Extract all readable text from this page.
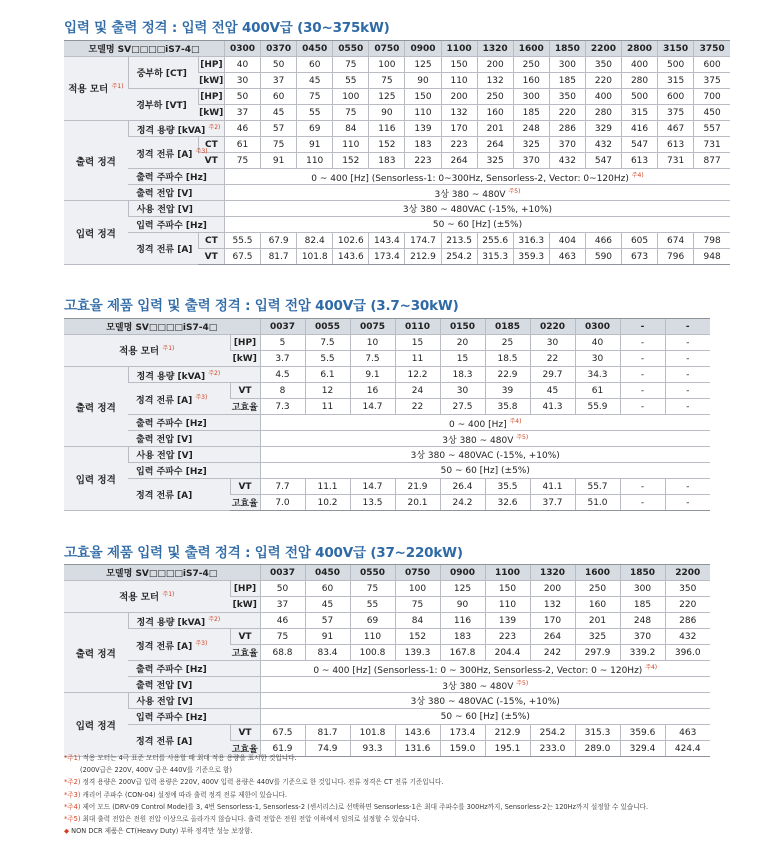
입력 및 출력 정격 : 입력 전압 400V급 (30~375kW)
모델명 SV□□□□iS7-4□			0300	0370	0450	0550	0750	0900	1100	1320	1600	1850	2200	2800	3150	3750
적용 모터 $^{주1)}$	중부하 [CT]	[HP]	40	50	60	75	100	125	150	200	250	300	350	400	500	600
		[kW]	30	37	45	55	75	90	110	132	160	185	220	280	315	375
	경부하 [VT]	[HP]	50	60	75	100	125	150	200	250	300	350	400	500	600	700
		[kW]	37	45	55	75	90	110	132	160	185	220	280	315	375	450
출력 정격	정격 용량 [kVA] $^{주2)}$		46	57	69	84	116	139	170	201	248	286	329	416	467	557
	정격 전류 [A] $^{주3)}$	CT	61	75	91	110	152	183	223	264	325	370	432	547	613	731
		VT	75	91	110	152	183	223	264	325	370	432	547	613	731	877
	출력 주파수 [Hz]		0 ~ 400 [Hz] (Sensorless-1: 0~300Hz, Sensorless-2, Vector: 0~120Hz) $^{주4)}$
	출력 전압 [V]		3상 380 ~ 480V $^{주5)}$
입력 정격	사용 전압 [V]		3상 380 ~ 480VAC (-15%, +10%)													
	입력 주파수 [Hz]		50 ~ 60 [Hz] (±5%)													
	정격 전류 [A]	CT	55.5	67.9	82.4	102.6	143.4	174.7	213.5	255.6	316.3	404	466	605	674	798
		VT	67.5	81.7	101.8	143.6	173.4	212.9	254.2	315.3	359.3	463	590	673	796	948
고효율 제품 입력 및 출력 정격 : 입력 전압 400V급 (3.7~30kW)
모델명 SV□□□□iS7-4□			0037	0055	0075	0110	0150	0185	0220	0300	-	-
적용 모터 $^{주1)}$		[HP]	5	7.5	10	15	20	25	30	40	-	-
		[kW]	3.7	5.5	7.5	11	15	18.5	22	30	-	-
출력 정격	정격 용량 [kVA] $^{주2)}$		4.5	6.1	9.1	12.2	18.3	22.9	29.7	34.3	-	-
	정격 전류 [A] $^{주3)}$	VT	8	12	16	24	30	39	45	61	-	-
		고효율	7.3	11	14.7	22	27.5	35.8	41.3	55.9	-	-
	출력 주파수 [Hz]		0 ~ 400 [Hz] $^{주4)}$
	출력 전압 [V]		3상 380 ~ 480V $^{주5)}$
입력 정격	사용 전압 [V]		3상 380 ~ 480VAC (-15%, +10%)									
	입력 주파수 [Hz]		50 ~ 60 [Hz] (±5%)									
	정격 전류 [A]	VT	7.7	11.1	14.7	21.9	26.4	35.5	41.1	55.7	-	-
		고효율	7.0	10.2	13.5	20.1	24.2	32.6	37.7	51.0	-	-
고효율 제품 입력 및 출력 정격 : 입력 전압 400V급 (37~220kW)
모델명 SV□□□□iS7-4□			0037	0450	0550	0750	0900	1100	1320	1600	1850	2200
적용 모터 $^{주1)}$		[HP]	50	60	75	100	125	150	200	250	300	350
		[kW]	37	45	55	75	90	110	132	160	185	220
출력 정격	정격 용량 [kVA] $^{주2)}$		46	57	69	84	116	139	170	201	248	286
	정격 전류 [A] $^{주3)}$	VT	75	91	110	152	183	223	264	325	370	432
		고효율	68.8	83.4	100.8	139.3	167.8	204.4	242	297.9	339.2	396.0
	출력 주파수 [Hz]		0 ~ 400 [Hz] (Sensorless-1: 0 ~ 300Hz, Sensorless-2, Vector: 0 ~ 120Hz) $^{주4)}$
	출력 전압 [V]		3상 380 ~ 480V $^{주5)}$
입력 정격	사용 전압 [V]		3상 380 ~ 480VAC (-15%, +10%)									
	입력 주파수 [Hz]		50 ~ 60 [Hz] (±5%)									
	정격 전류 [A]	VT	67.5	81.7	101.8	143.6	173.4	212.9	254.2	315.3	359.6	463
		고효율	61.9	74.9	93.3	131.6	159.0	195.1	233.0	289.0	329.4	424.4
*주1) 적용 모터는 4극 표준 모터를 사용할 때 최대 적용 용량을 표시한 것입니다.
(200V급은 220V, 400V 급은 440V를 기준으로 함)
*주2) 정격 용량은 200V급 입력 용량은 220V, 400V 입력 용량은 440V를 기준으로 한 것입니다. 전류 정격은 CT 전류 기준입니다.
*주3) 캐리어 주파수 (CON-04) 설정에 따라 출력 정격 전류 제한이 있습니다.
*주4) 제어 모드 (DRV-09 Control Mode)를 3, 4번 Sensorless-1, Sensorless-2 (센서리스)로 선택하면 Sensorless-1은 최대 주파수를 300Hz까지, Sensorless-2는 120Hz까지 설정할 수 있습니다.
*주5) 최대 출력 전압은 전원 전압 이상으로 올라가지 않습니다. 출력 전압은 전원 전압 이하에서 임의로 설정할 수 있습니다.
◆ NON DCR 제품은 CT(Heavy Duty) 부하 정격만 성능 보장함.
